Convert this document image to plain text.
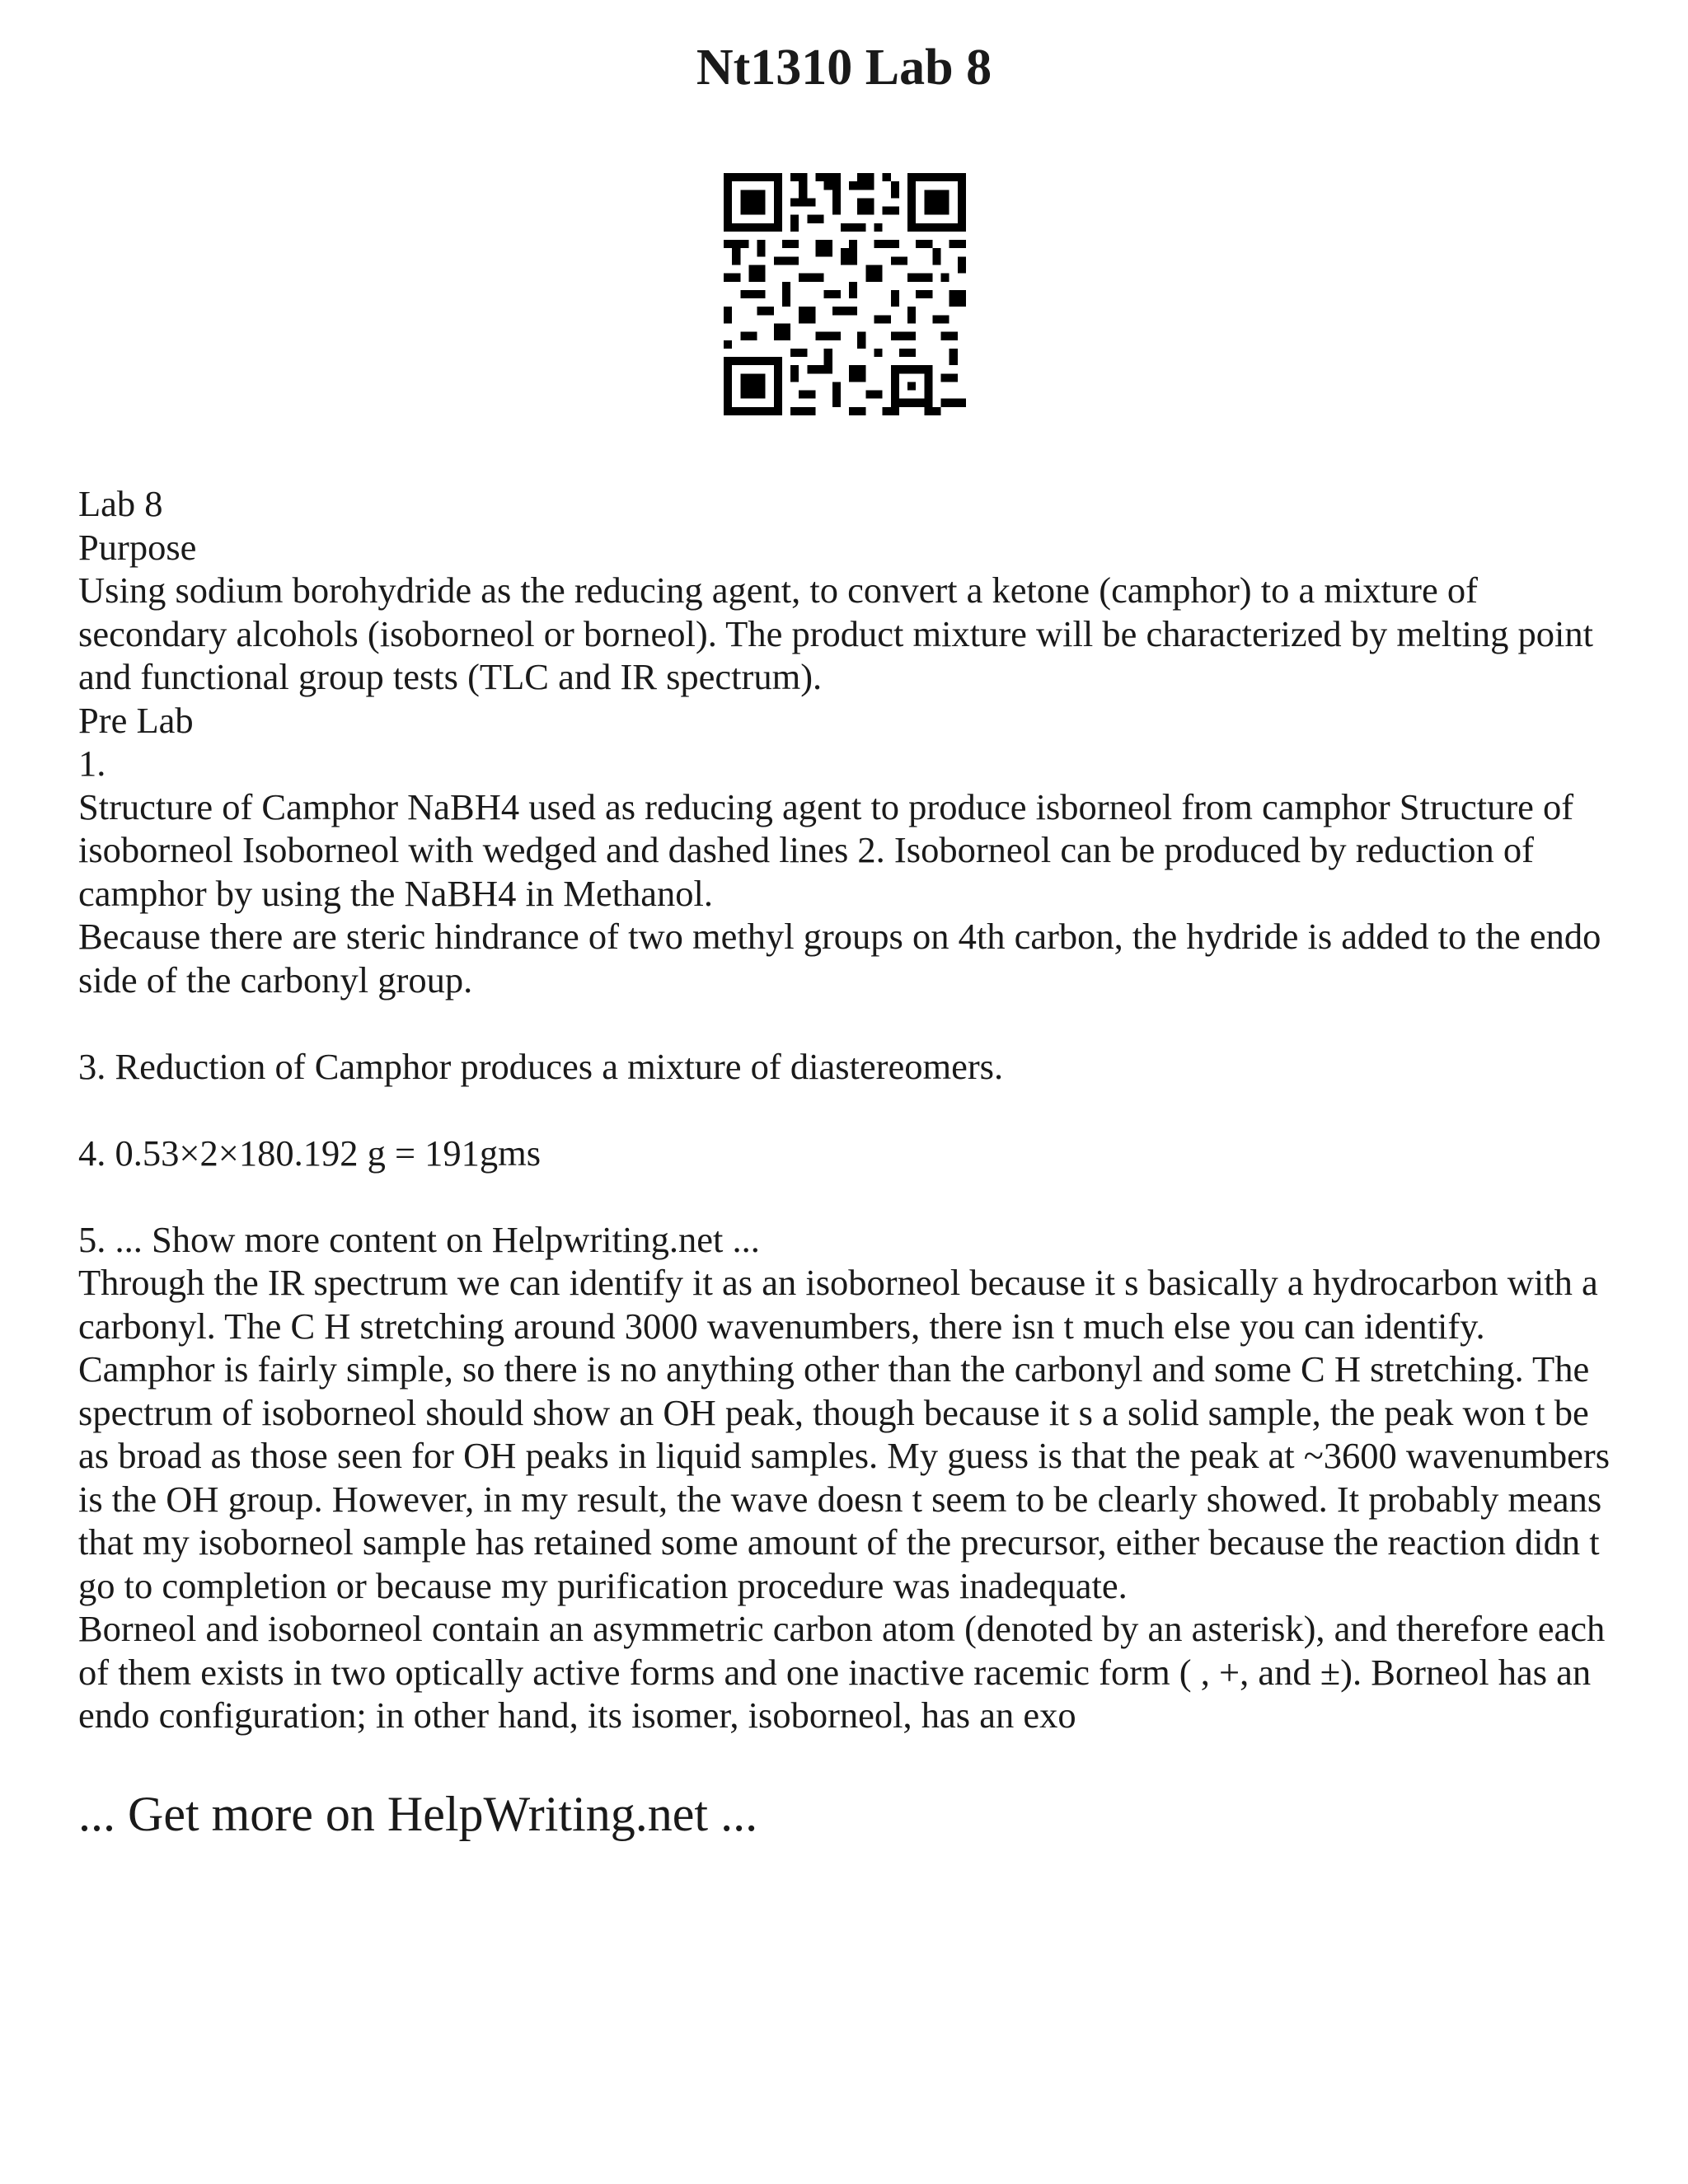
Nt1310 Lab 8

Lab 8

Purpose

Using sodium borohydride as the reducing agent, to convert a ketone (camphor) to a mixture of secondary alcohols (isoborneol or borneol). The product mixture will be characterized by melting point and functional group tests (TLC and IR spectrum).

Pre Lab

1.

Structure of Camphor NaBH4 used as reducing agent to produce isborneol from camphor Structure of isoborneol Isoborneol with wedged and dashed lines 2. Isoborneol can be produced by reduction of camphor by using the NaBH4 in Methanol.

Because there are steric hindrance of two methyl groups on 4th carbon, the hydride is added to the endo side of the carbonyl group.

3. Reduction of Camphor produces a mixture of diastereomers.

4. 0.53×2×180.192 g = 191gms

5. ... Show more content on Helpwriting.net ...

Through the IR spectrum we can identify it as an isoborneol because it s basically a hydrocarbon with a carbonyl. The C H stretching around 3000 wavenumbers, there isn t much else you can identify. Camphor is fairly simple, so there is no anything other than the carbonyl and some C H stretching. The spectrum of isoborneol should show an OH peak, though because it s a solid sample, the peak won t be as broad as those seen for OH peaks in liquid samples. My guess is that the peak at ~3600 wavenumbers is the OH group. However, in my result, the wave doesn t seem to be clearly showed. It probably means that my isoborneol sample has retained some amount of the precursor, either because the reaction didn t go to completion or because my purification procedure was inadequate.

Borneol and isoborneol contain an asymmetric carbon atom (denoted by an asterisk), and therefore each of them exists in two optically active forms and one inactive racemic form ( , +, and ±). Borneol has an endo configuration; in other hand, its isomer, isoborneol, has an exo

... Get more on HelpWriting.net ...
